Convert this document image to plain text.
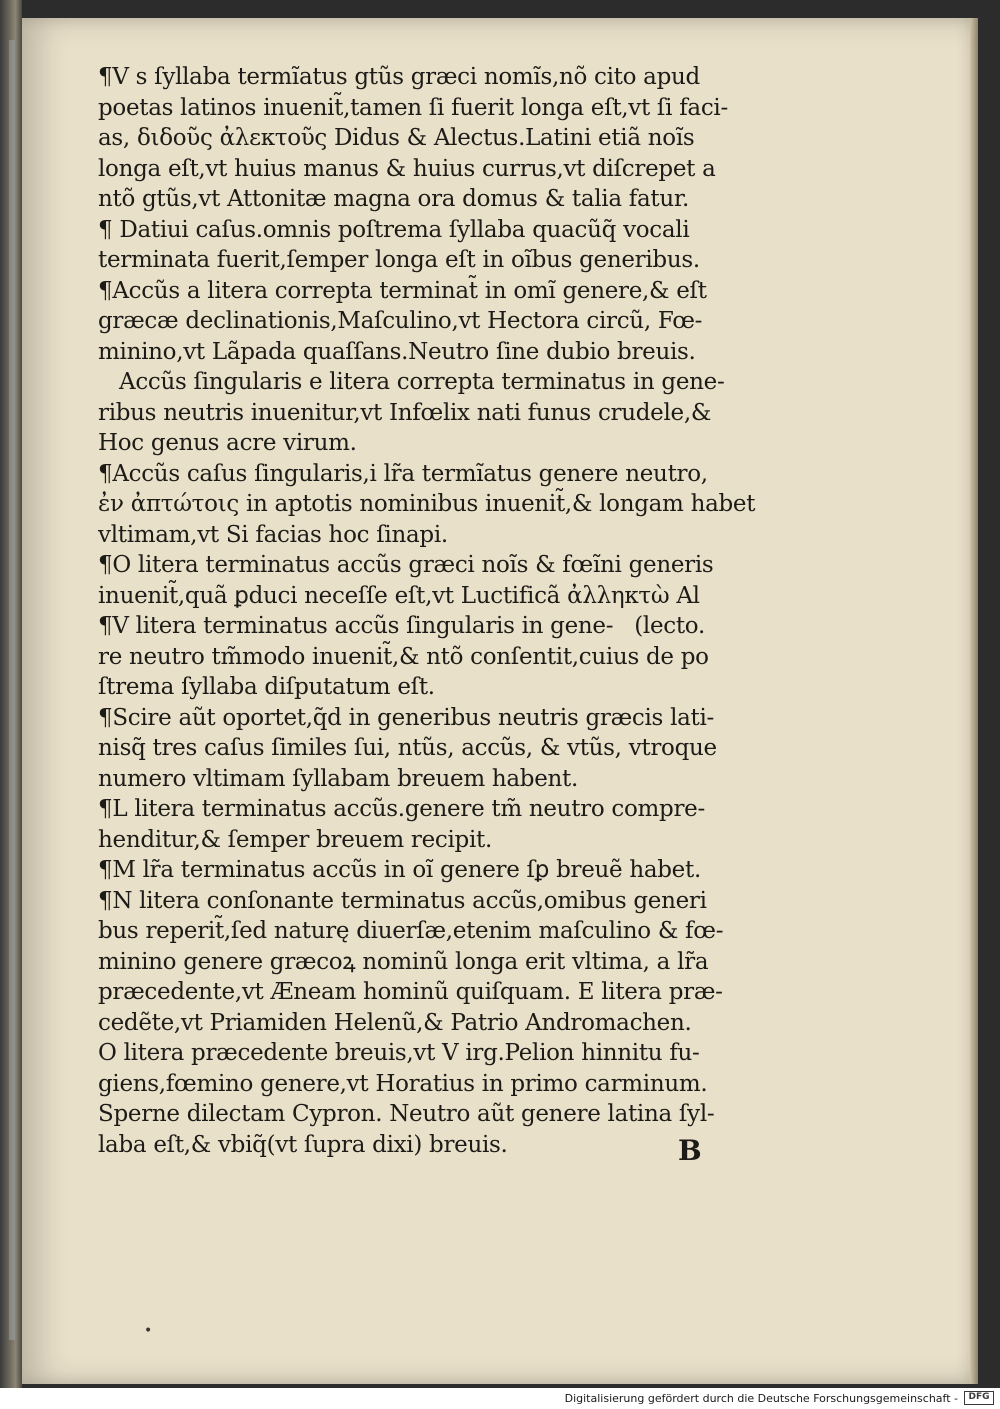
¶V s ſyllaba termĩatus gtũs græci nomĩs,nõ cito apud
poetas latinos inuenit̃,tamen ſi fuerit longa eſt,vt ſi faci-
as, διδοῦς ἀλεκτοῦς Didus & Alectus.Latini etiã noĩs
longa eſt,vt huius manus & huius currus,vt diſcrepet a
ntõ gtũs,vt Attonitæ magna ora domus & talia fatur.
¶ Datiui caſus.omnis poſtrema ſyllaba quacũq̃ vocali
terminata fuerit,ſemper longa eſt in oĩbus generibus.
¶Accũs a litera correpta terminat̃ in omĩ genere,& eſt
græcæ declinationis,Maſculino,vt Hectora circũ, Fœ-
minino,vt Lãpada quaſſans.Neutro ſine dubio breuis.
Accũs ſingularis e litera correpta terminatus in gene-
ribus neutris inuenitur,vt Infœlix nati funus crudele,&
Hoc genus acre virum.
¶Accũs caſus ſingularis,i lr̃a termĩatus genere neutro,
ἐν ἀπτώτοις in aptotis nominibus inuenit̃,& longam habet
vltimam,vt Si facias hoc ſinapi.
¶O litera terminatus accũs græci noĩs & fœĩni generis
inuenit̃,quã ꝑduci neceſſe eſt,vt Luctificã ἀλληκτὼ Al
¶V litera terminatus accũs ſingularis in gene-   (lecto.
re neutro tm̃modo inuenit̃,& ntõ conſentit,cuius de po
ſtrema ſyllaba diſputatum eſt.
¶Scire aũt oportet,q̃d in generibus neutris græcis lati-
nisq̃ tres caſus ſimiles ſui, ntũs, accũs, & vtũs, vtroque
numero vltimam ſyllabam breuem habent.
¶L litera terminatus accũs.genere tm̃ neutro compre-
henditur,& ſemper breuem recipit.
¶M lr̃a terminatus accũs in oĩ genere ſꝑ breuẽ habet.
¶N litera conſonante terminatus accũs,omibus generi
bus reperit̃,ſed naturę diuerſæ,etenim maſculino & fœ-
minino genere græcoꝝ nominũ longa erit vltima, a lr̃a
præcedente,vt Æneam hominũ quiſquam. E litera præ-
cedẽte,vt Priamiden Helenũ,& Patrio Andromachen.
O litera præcedente breuis,vt V irg.Pelion hinnitu fu-
giens,fœmino genere,vt Horatius in primo carminum.
Sperne dilectam Cypron. Neutro aũt genere latina ſyl-
laba eſt,& vbiq̃(vt ſupra dixi) breuis.	B
•
Digitalisierung gefördert durch die Deutsche Forschungsgemeinschaft -	DFG
